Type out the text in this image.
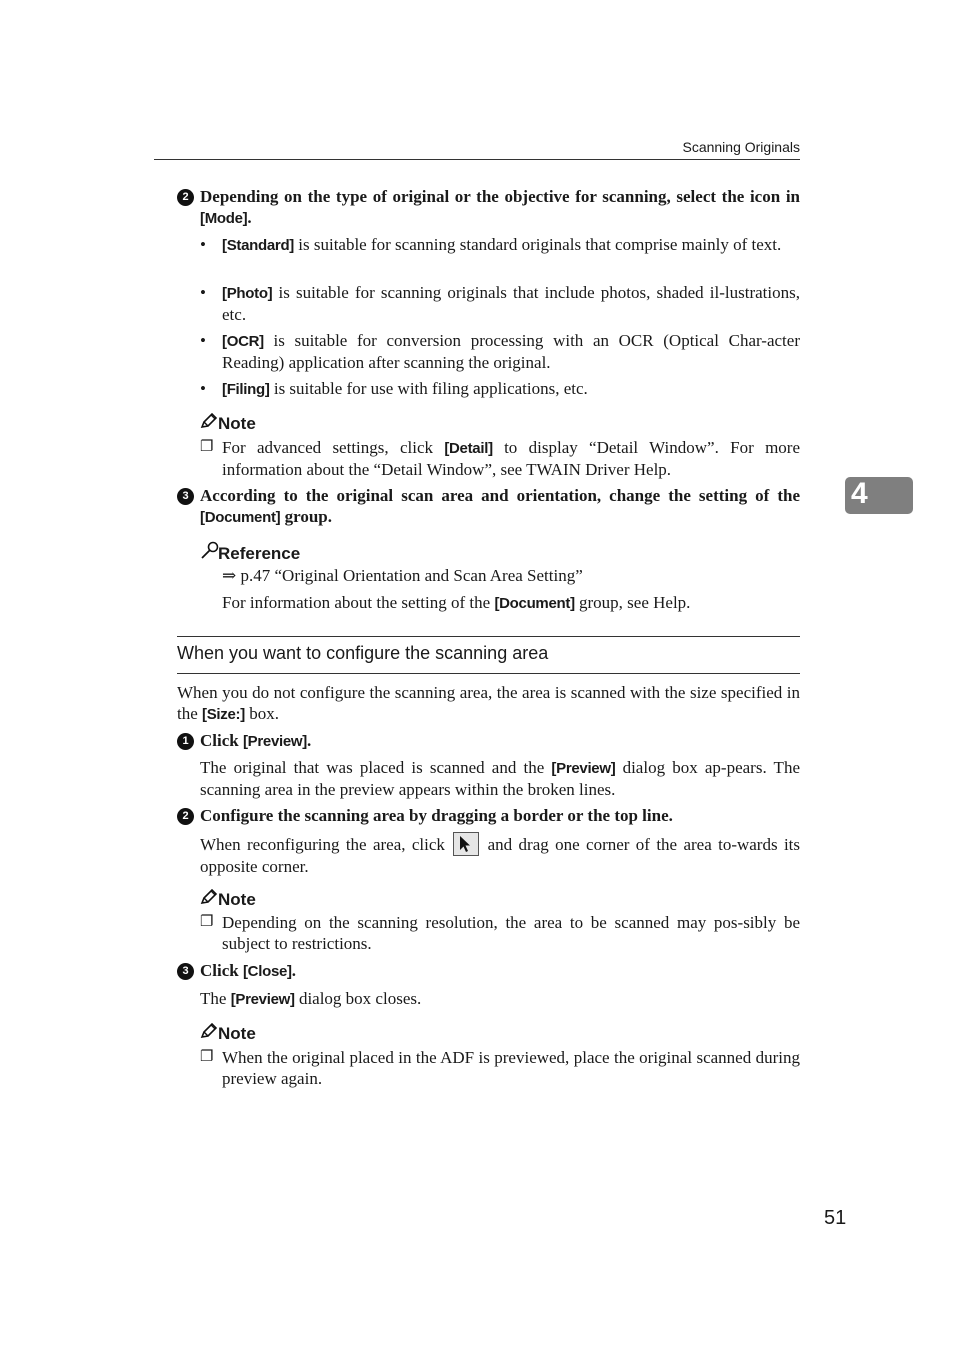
Scanning Originals
4
2 Depending on the type of original or the objective for scanning, select the icon in [Mode].
• [Standard] is suitable for scanning standard originals that comprise mainly of text.
• [Photo] is suitable for scanning originals that include photos, shaded il-lustrations, etc.
• [OCR] is suitable for conversion processing with an OCR (Optical Char-acter Reading) application after scanning the original.
• [Filing] is suitable for use with filing applications, etc.
Note
❐ For advanced settings, click [Detail] to display “Detail Window”. For more information about the “Detail Window”, see TWAIN Driver Help.
3 According to the original scan area and orientation, change the setting of the [Document] group.
Reference
⇒ p.47 “Original Orientation and Scan Area Setting”
For information about the setting of the [Document] group, see Help.
When you want to configure the scanning area
When you do not configure the scanning area, the area is scanned with the size specified in the [Size:] box.
1 Click [Preview].
The original that was placed is scanned and the [Preview] dialog box ap-pears. The scanning area in the preview appears within the broken lines.
2 Configure the scanning area by dragging a border or the top line.
When reconfiguring the area, click
and drag one corner of the area to-wards its opposite corner.
Note
❐ Depending on the scanning resolution, the area to be scanned may pos-sibly be subject to restrictions.
3 Click [Close].
The [Preview] dialog box closes.
Note
❐ When the original placed in the ADF is previewed, place the original scanned during preview again.
51
